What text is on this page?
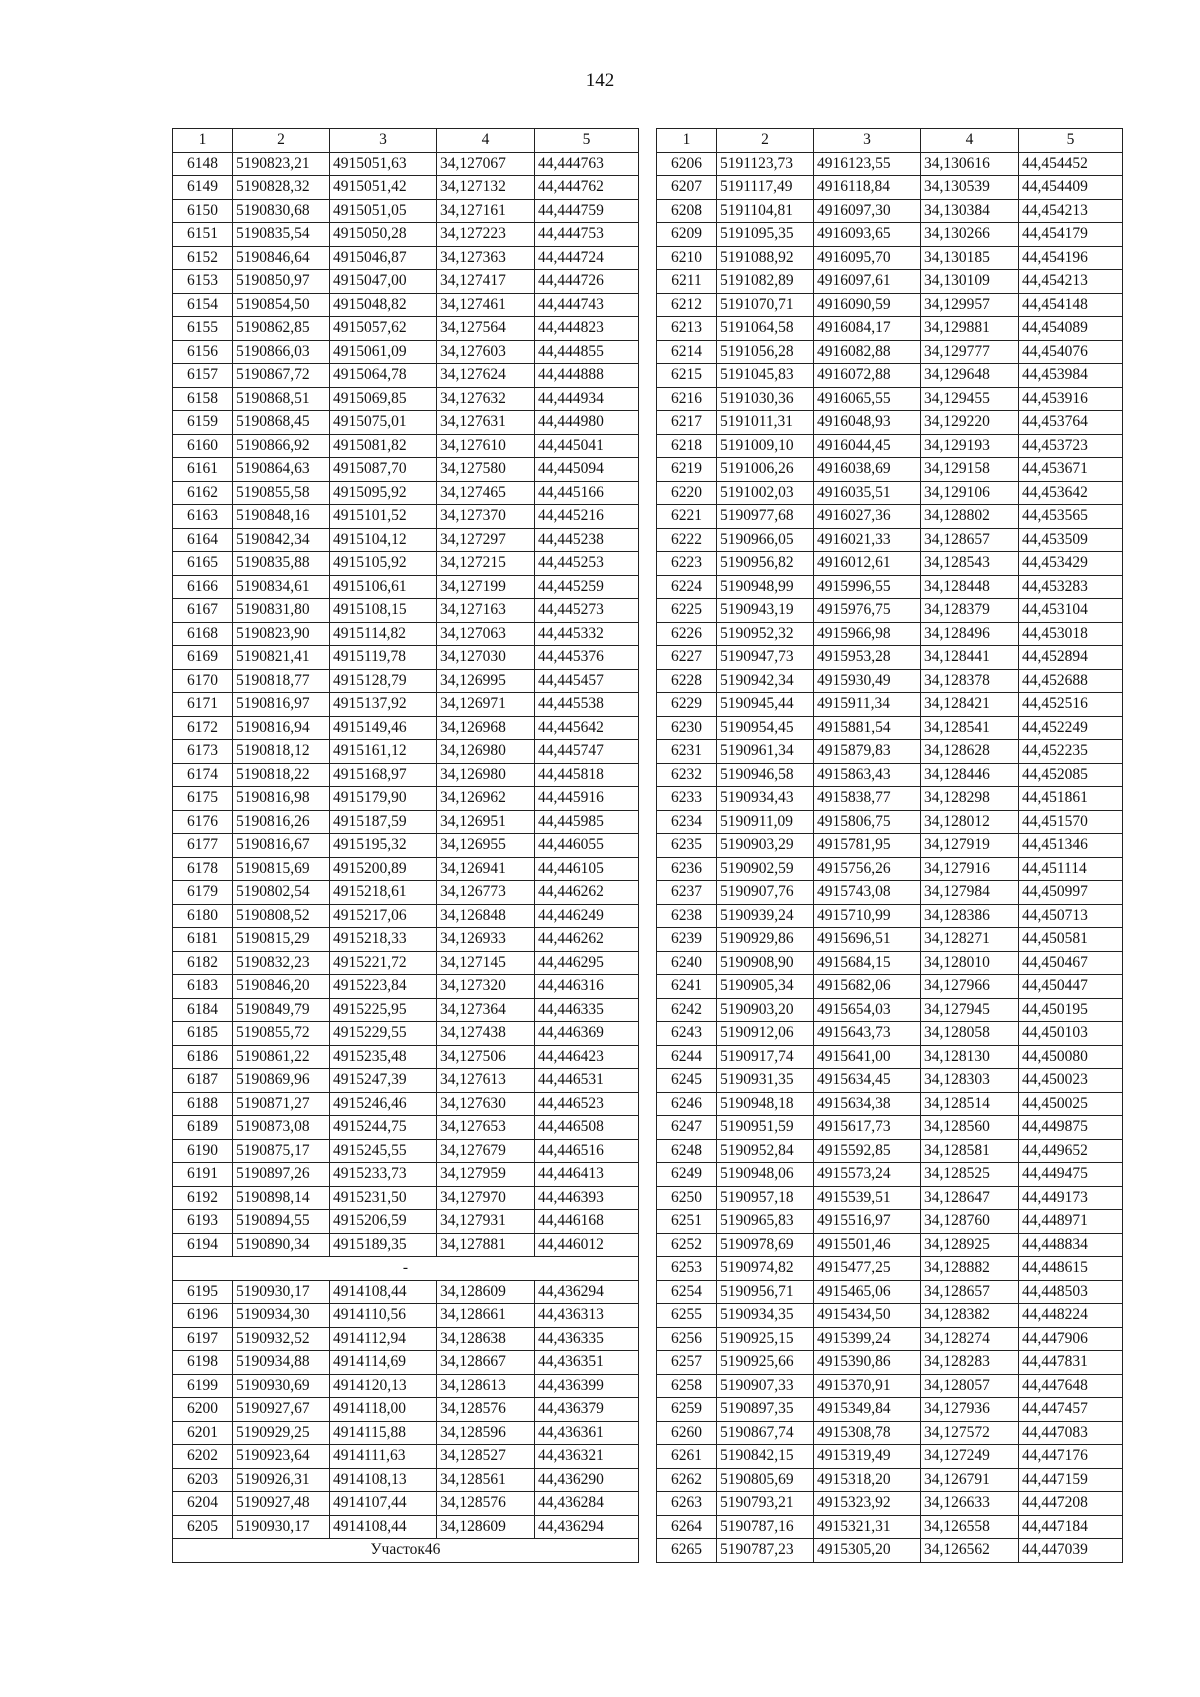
142
1	2	3	4	5
6148	5190823,21	4915051,63	34,127067	44,444763
6149	5190828,32	4915051,42	34,127132	44,444762
6150	5190830,68	4915051,05	34,127161	44,444759
6151	5190835,54	4915050,28	34,127223	44,444753
6152	5190846,64	4915046,87	34,127363	44,444724
6153	5190850,97	4915047,00	34,127417	44,444726
6154	5190854,50	4915048,82	34,127461	44,444743
6155	5190862,85	4915057,62	34,127564	44,444823
6156	5190866,03	4915061,09	34,127603	44,444855
6157	5190867,72	4915064,78	34,127624	44,444888
6158	5190868,51	4915069,85	34,127632	44,444934
6159	5190868,45	4915075,01	34,127631	44,444980
6160	5190866,92	4915081,82	34,127610	44,445041
6161	5190864,63	4915087,70	34,127580	44,445094
6162	5190855,58	4915095,92	34,127465	44,445166
6163	5190848,16	4915101,52	34,127370	44,445216
6164	5190842,34	4915104,12	34,127297	44,445238
6165	5190835,88	4915105,92	34,127215	44,445253
6166	5190834,61	4915106,61	34,127199	44,445259
6167	5190831,80	4915108,15	34,127163	44,445273
6168	5190823,90	4915114,82	34,127063	44,445332
6169	5190821,41	4915119,78	34,127030	44,445376
6170	5190818,77	4915128,79	34,126995	44,445457
6171	5190816,97	4915137,92	34,126971	44,445538
6172	5190816,94	4915149,46	34,126968	44,445642
6173	5190818,12	4915161,12	34,126980	44,445747
6174	5190818,22	4915168,97	34,126980	44,445818
6175	5190816,98	4915179,90	34,126962	44,445916
6176	5190816,26	4915187,59	34,126951	44,445985
6177	5190816,67	4915195,32	34,126955	44,446055
6178	5190815,69	4915200,89	34,126941	44,446105
6179	5190802,54	4915218,61	34,126773	44,446262
6180	5190808,52	4915217,06	34,126848	44,446249
6181	5190815,29	4915218,33	34,126933	44,446262
6182	5190832,23	4915221,72	34,127145	44,446295
6183	5190846,20	4915223,84	34,127320	44,446316
6184	5190849,79	4915225,95	34,127364	44,446335
6185	5190855,72	4915229,55	34,127438	44,446369
6186	5190861,22	4915235,48	34,127506	44,446423
6187	5190869,96	4915247,39	34,127613	44,446531
6188	5190871,27	4915246,46	34,127630	44,446523
6189	5190873,08	4915244,75	34,127653	44,446508
6190	5190875,17	4915245,55	34,127679	44,446516
6191	5190897,26	4915233,73	34,127959	44,446413
6192	5190898,14	4915231,50	34,127970	44,446393
6193	5190894,55	4915206,59	34,127931	44,446168
6194	5190890,34	4915189,35	34,127881	44,446012
-				
6195	5190930,17	4914108,44	34,128609	44,436294
6196	5190934,30	4914110,56	34,128661	44,436313
6197	5190932,52	4914112,94	34,128638	44,436335
6198	5190934,88	4914114,69	34,128667	44,436351
6199	5190930,69	4914120,13	34,128613	44,436399
6200	5190927,67	4914118,00	34,128576	44,436379
6201	5190929,25	4914115,88	34,128596	44,436361
6202	5190923,64	4914111,63	34,128527	44,436321
6203	5190926,31	4914108,13	34,128561	44,436290
6204	5190927,48	4914107,44	34,128576	44,436284
6205	5190930,17	4914108,44	34,128609	44,436294
Участок46				
1	2	3	4	5
6206	5191123,73	4916123,55	34,130616	44,454452
6207	5191117,49	4916118,84	34,130539	44,454409
6208	5191104,81	4916097,30	34,130384	44,454213
6209	5191095,35	4916093,65	34,130266	44,454179
6210	5191088,92	4916095,70	34,130185	44,454196
6211	5191082,89	4916097,61	34,130109	44,454213
6212	5191070,71	4916090,59	34,129957	44,454148
6213	5191064,58	4916084,17	34,129881	44,454089
6214	5191056,28	4916082,88	34,129777	44,454076
6215	5191045,83	4916072,88	34,129648	44,453984
6216	5191030,36	4916065,55	34,129455	44,453916
6217	5191011,31	4916048,93	34,129220	44,453764
6218	5191009,10	4916044,45	34,129193	44,453723
6219	5191006,26	4916038,69	34,129158	44,453671
6220	5191002,03	4916035,51	34,129106	44,453642
6221	5190977,68	4916027,36	34,128802	44,453565
6222	5190966,05	4916021,33	34,128657	44,453509
6223	5190956,82	4916012,61	34,128543	44,453429
6224	5190948,99	4915996,55	34,128448	44,453283
6225	5190943,19	4915976,75	34,128379	44,453104
6226	5190952,32	4915966,98	34,128496	44,453018
6227	5190947,73	4915953,28	34,128441	44,452894
6228	5190942,34	4915930,49	34,128378	44,452688
6229	5190945,44	4915911,34	34,128421	44,452516
6230	5190954,45	4915881,54	34,128541	44,452249
6231	5190961,34	4915879,83	34,128628	44,452235
6232	5190946,58	4915863,43	34,128446	44,452085
6233	5190934,43	4915838,77	34,128298	44,451861
6234	5190911,09	4915806,75	34,128012	44,451570
6235	5190903,29	4915781,95	34,127919	44,451346
6236	5190902,59	4915756,26	34,127916	44,451114
6237	5190907,76	4915743,08	34,127984	44,450997
6238	5190939,24	4915710,99	34,128386	44,450713
6239	5190929,86	4915696,51	34,128271	44,450581
6240	5190908,90	4915684,15	34,128010	44,450467
6241	5190905,34	4915682,06	34,127966	44,450447
6242	5190903,20	4915654,03	34,127945	44,450195
6243	5190912,06	4915643,73	34,128058	44,450103
6244	5190917,74	4915641,00	34,128130	44,450080
6245	5190931,35	4915634,45	34,128303	44,450023
6246	5190948,18	4915634,38	34,128514	44,450025
6247	5190951,59	4915617,73	34,128560	44,449875
6248	5190952,84	4915592,85	34,128581	44,449652
6249	5190948,06	4915573,24	34,128525	44,449475
6250	5190957,18	4915539,51	34,128647	44,449173
6251	5190965,83	4915516,97	34,128760	44,448971
6252	5190978,69	4915501,46	34,128925	44,448834
6253	5190974,82	4915477,25	34,128882	44,448615
6254	5190956,71	4915465,06	34,128657	44,448503
6255	5190934,35	4915434,50	34,128382	44,448224
6256	5190925,15	4915399,24	34,128274	44,447906
6257	5190925,66	4915390,86	34,128283	44,447831
6258	5190907,33	4915370,91	34,128057	44,447648
6259	5190897,35	4915349,84	34,127936	44,447457
6260	5190867,74	4915308,78	34,127572	44,447083
6261	5190842,15	4915319,49	34,127249	44,447176
6262	5190805,69	4915318,20	34,126791	44,447159
6263	5190793,21	4915323,92	34,126633	44,447208
6264	5190787,16	4915321,31	34,126558	44,447184
6265	5190787,23	4915305,20	34,126562	44,447039
